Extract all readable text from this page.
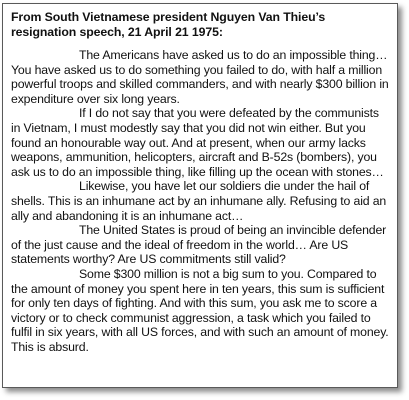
From South Vietnamese president Nguyen Van Thieu’s resignation speech, 21 April 21 1975:

The Americans have asked us to do an impossible thing… You have asked us to do something you failed to do, with half a million powerful troops and skilled commanders, and with nearly $300 billion in expenditure over six long years.

If I do not say that you were defeated by the communists in Vietnam, I must modestly say that you did not win either. But you found an honourable way out. And at present, when our army lacks weapons, ammunition, helicopters, aircraft and B-52s (bombers), you ask us to do an impossible thing, like filling up the ocean with stones…

Likewise, you have let our soldiers die under the hail of shells. This is an inhumane act by an inhumane ally. Refusing to aid an ally and abandoning it is an inhumane act…

The United States is proud of being an invincible defender of the just cause and the ideal of freedom in the world… Are US statements worthy? Are US commitments still valid?

Some $300 million is not a big sum to you. Compared to the amount of money you spent here in ten years, this sum is sufficient for only ten days of fighting. And with this sum, you ask me to score a victory or to check communist aggression, a task which you failed to fulfil in six years, with all US forces, and with such an amount of money. This is absurd.
